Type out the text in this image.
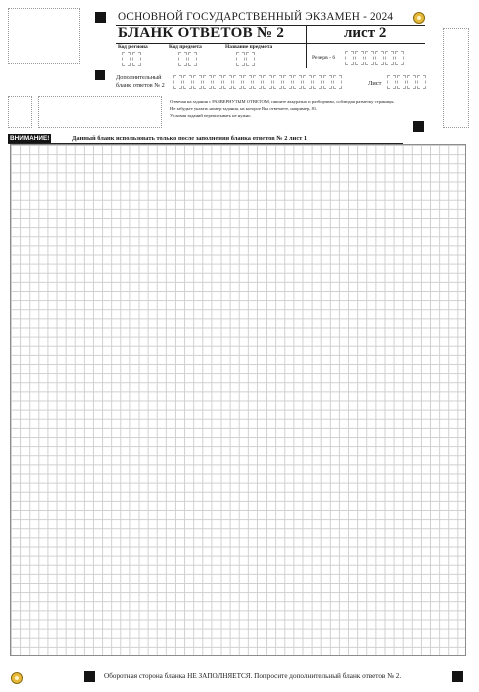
ОСНОВНОЙ ГОСУДАРСТВЕННЫЙ ЭКЗАМЕН - 2024
БЛАНК ОТВЕТОВ № 2	лист 2
Код региона	Код предмета	Название предмета
Резерв - 6
Дополнительный бланк ответов № 2	Лист
Отвечая на задания с РАЗВЕРНУТЫМ ОТВЕТОМ, пишите аккуратно и разборчиво, соблюдая разметку страницы.
Не забудьте указать номер задания, на которое Вы отвечаете, например, 81.
Условия заданий переписывать не нужно.
ВНИМАНИЕ!	Данный бланк использовать только после заполнения бланка ответов № 2 лист 1
Оборотная сторона бланка НЕ ЗАПОЛНЯЕТСЯ. Попросите дополнительный бланк ответов № 2.
